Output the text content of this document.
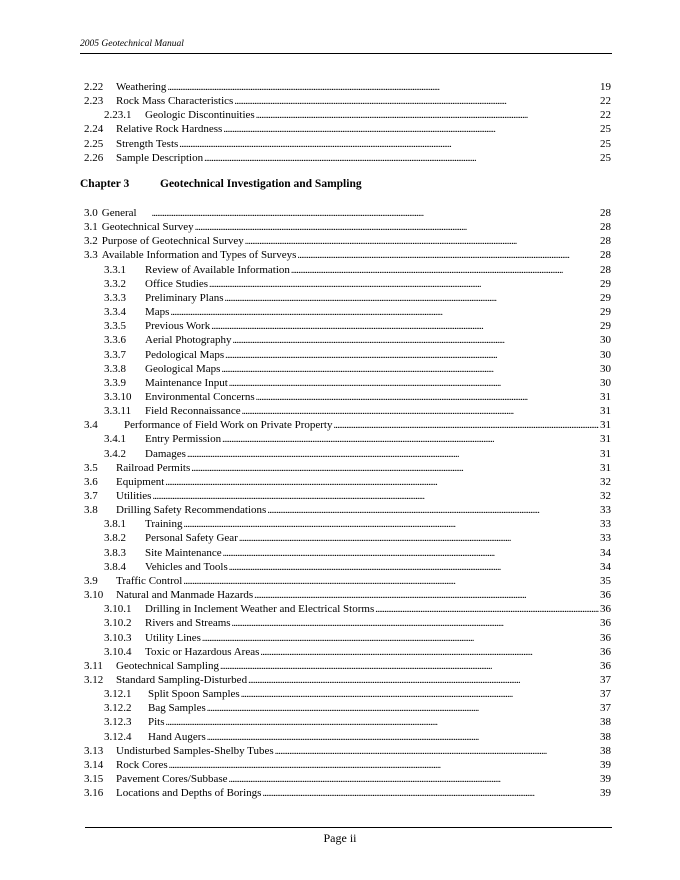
2005 Geotechnical Manual
2.22	Weathering . . .	19
2.23	Rock Mass Characteristics . . .	22
2.23.1	Geologic Discontinuities . . .	22
2.24	Relative Rock Hardness . . .	25
2.25	Strength Tests . . .	25
2.26	Sample Description . . .	25
Chapter 3	Geotechnical Investigation and Sampling
3.0 General . . .	28
3.1 Geotechnical Survey . . .	28
3.2 Purpose of Geotechnical Survey . . .	28
3.3 Available Information and Types of Surveys . . .	28
3.3.1	Review of Available Information . . .	28
3.3.2	Office Studies . . .	29
3.3.3	Preliminary Plans . . .	29
3.3.4	Maps . . .	29
3.3.5	Previous Work . . .	29
3.3.6	Aerial Photography . . .	30
3.3.7	Pedological Maps . . .	30
3.3.8	Geological Maps . . .	30
3.3.9	Maintenance Input . . .	30
3.3.10	Environmental Concerns . . .	31
3.3.11	Field Reconnaissance . . .	31
3.4	Performance of Field Work on Private Property . . .	31
3.4.1	Entry Permission . . .	31
3.4.2	Damages . . .	31
3.5	Railroad Permits . . .	31
3.6	Equipment . . .	32
3.7	Utilities . . .	32
3.8	Drilling Safety Recommendations . . .	33
3.8.1	Training . . .	33
3.8.2	Personal Safety Gear . . .	33
3.8.3	Site Maintenance . . .	34
3.8.4	Vehicles and Tools . . .	34
3.9	Traffic Control . . .	35
3.10	Natural and Manmade Hazards . . .	36
3.10.1	Drilling in Inclement Weather and Electrical Storms . . .	36
3.10.2	Rivers and Streams . . .	36
3.10.3	Utility Lines . . .	36
3.10.4	Toxic or Hazardous Areas . . .	36
3.11	Geotechnical Sampling . . .	36
3.12	Standard Sampling-Disturbed . . .	37
3.12.1	Split Spoon Samples . . .	37
3.12.2	Bag Samples . . .	37
3.12.3	Pits . . .	38
3.12.4	Hand Augers . . .	38
3.13	Undisturbed Samples-Shelby Tubes . . .	38
3.14	Rock Cores . . .	39
3.15	Pavement Cores/Subbase . . .	39
3.16	Locations and Depths of Borings . . .	39
Page ii
